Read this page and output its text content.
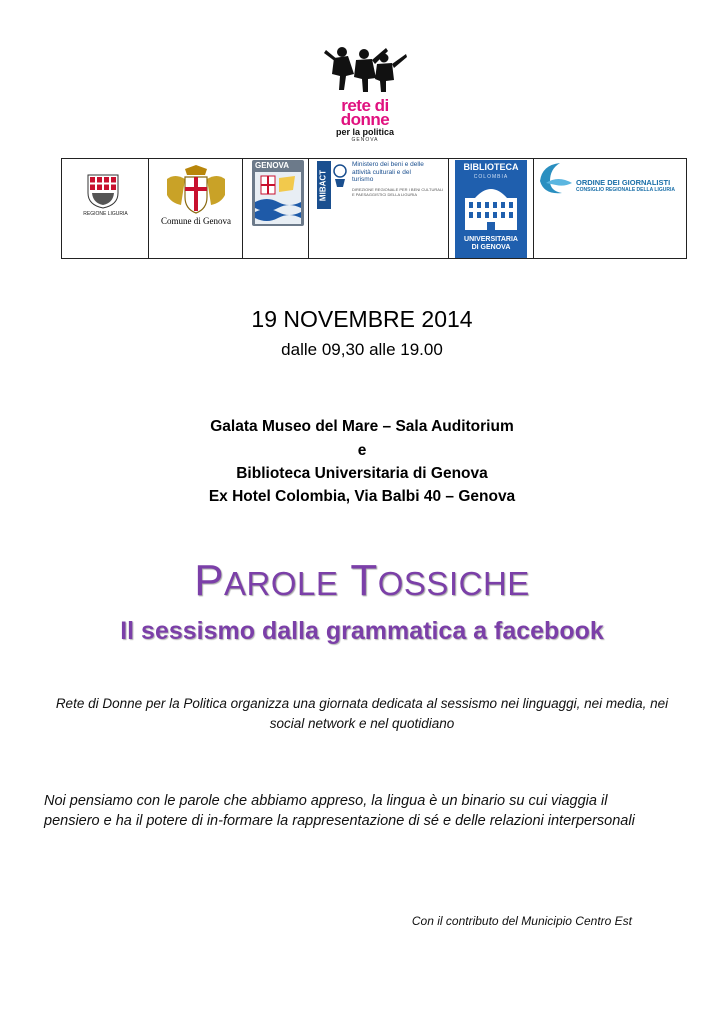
rete di
donne
per la politica
GENOVA
REGIONE LIGURIA
Comune di Genova
GENOVA
MIBACT
Ministero dei beni e delle
attività culturali e del
turismo
DIREZIONE REGIONALE PER I BENI CULTURALI
E PAESAGGISTICI DELLA LIGURIA
BIBLIOTECA
COLOMBIA
UNIVERSITARIA
DI GENOVA
ORDINE DEI GIORNALISTI
CONSIGLIO REGIONALE DELLA LIGURIA
19 NOVEMBRE 2014
dalle 09,30 alle 19.00
Galata Museo del Mare – Sala Auditorium
e
Biblioteca Universitaria di Genova
Ex Hotel Colombia, Via Balbi 40 – Genova
PAROLE TOSSICHE
Il sessismo dalla grammatica a facebook
Rete di Donne per la Politica organizza una giornata dedicata al sessismo nei linguaggi, nei media, nei social network e nel quotidiano
Noi pensiamo con le parole che abbiamo appreso, la lingua è un binario su cui viaggia il pensiero e ha il potere di in-formare la rappresentazione di sé e delle relazioni interpersonali
Con il contributo del Municipio Centro Est
